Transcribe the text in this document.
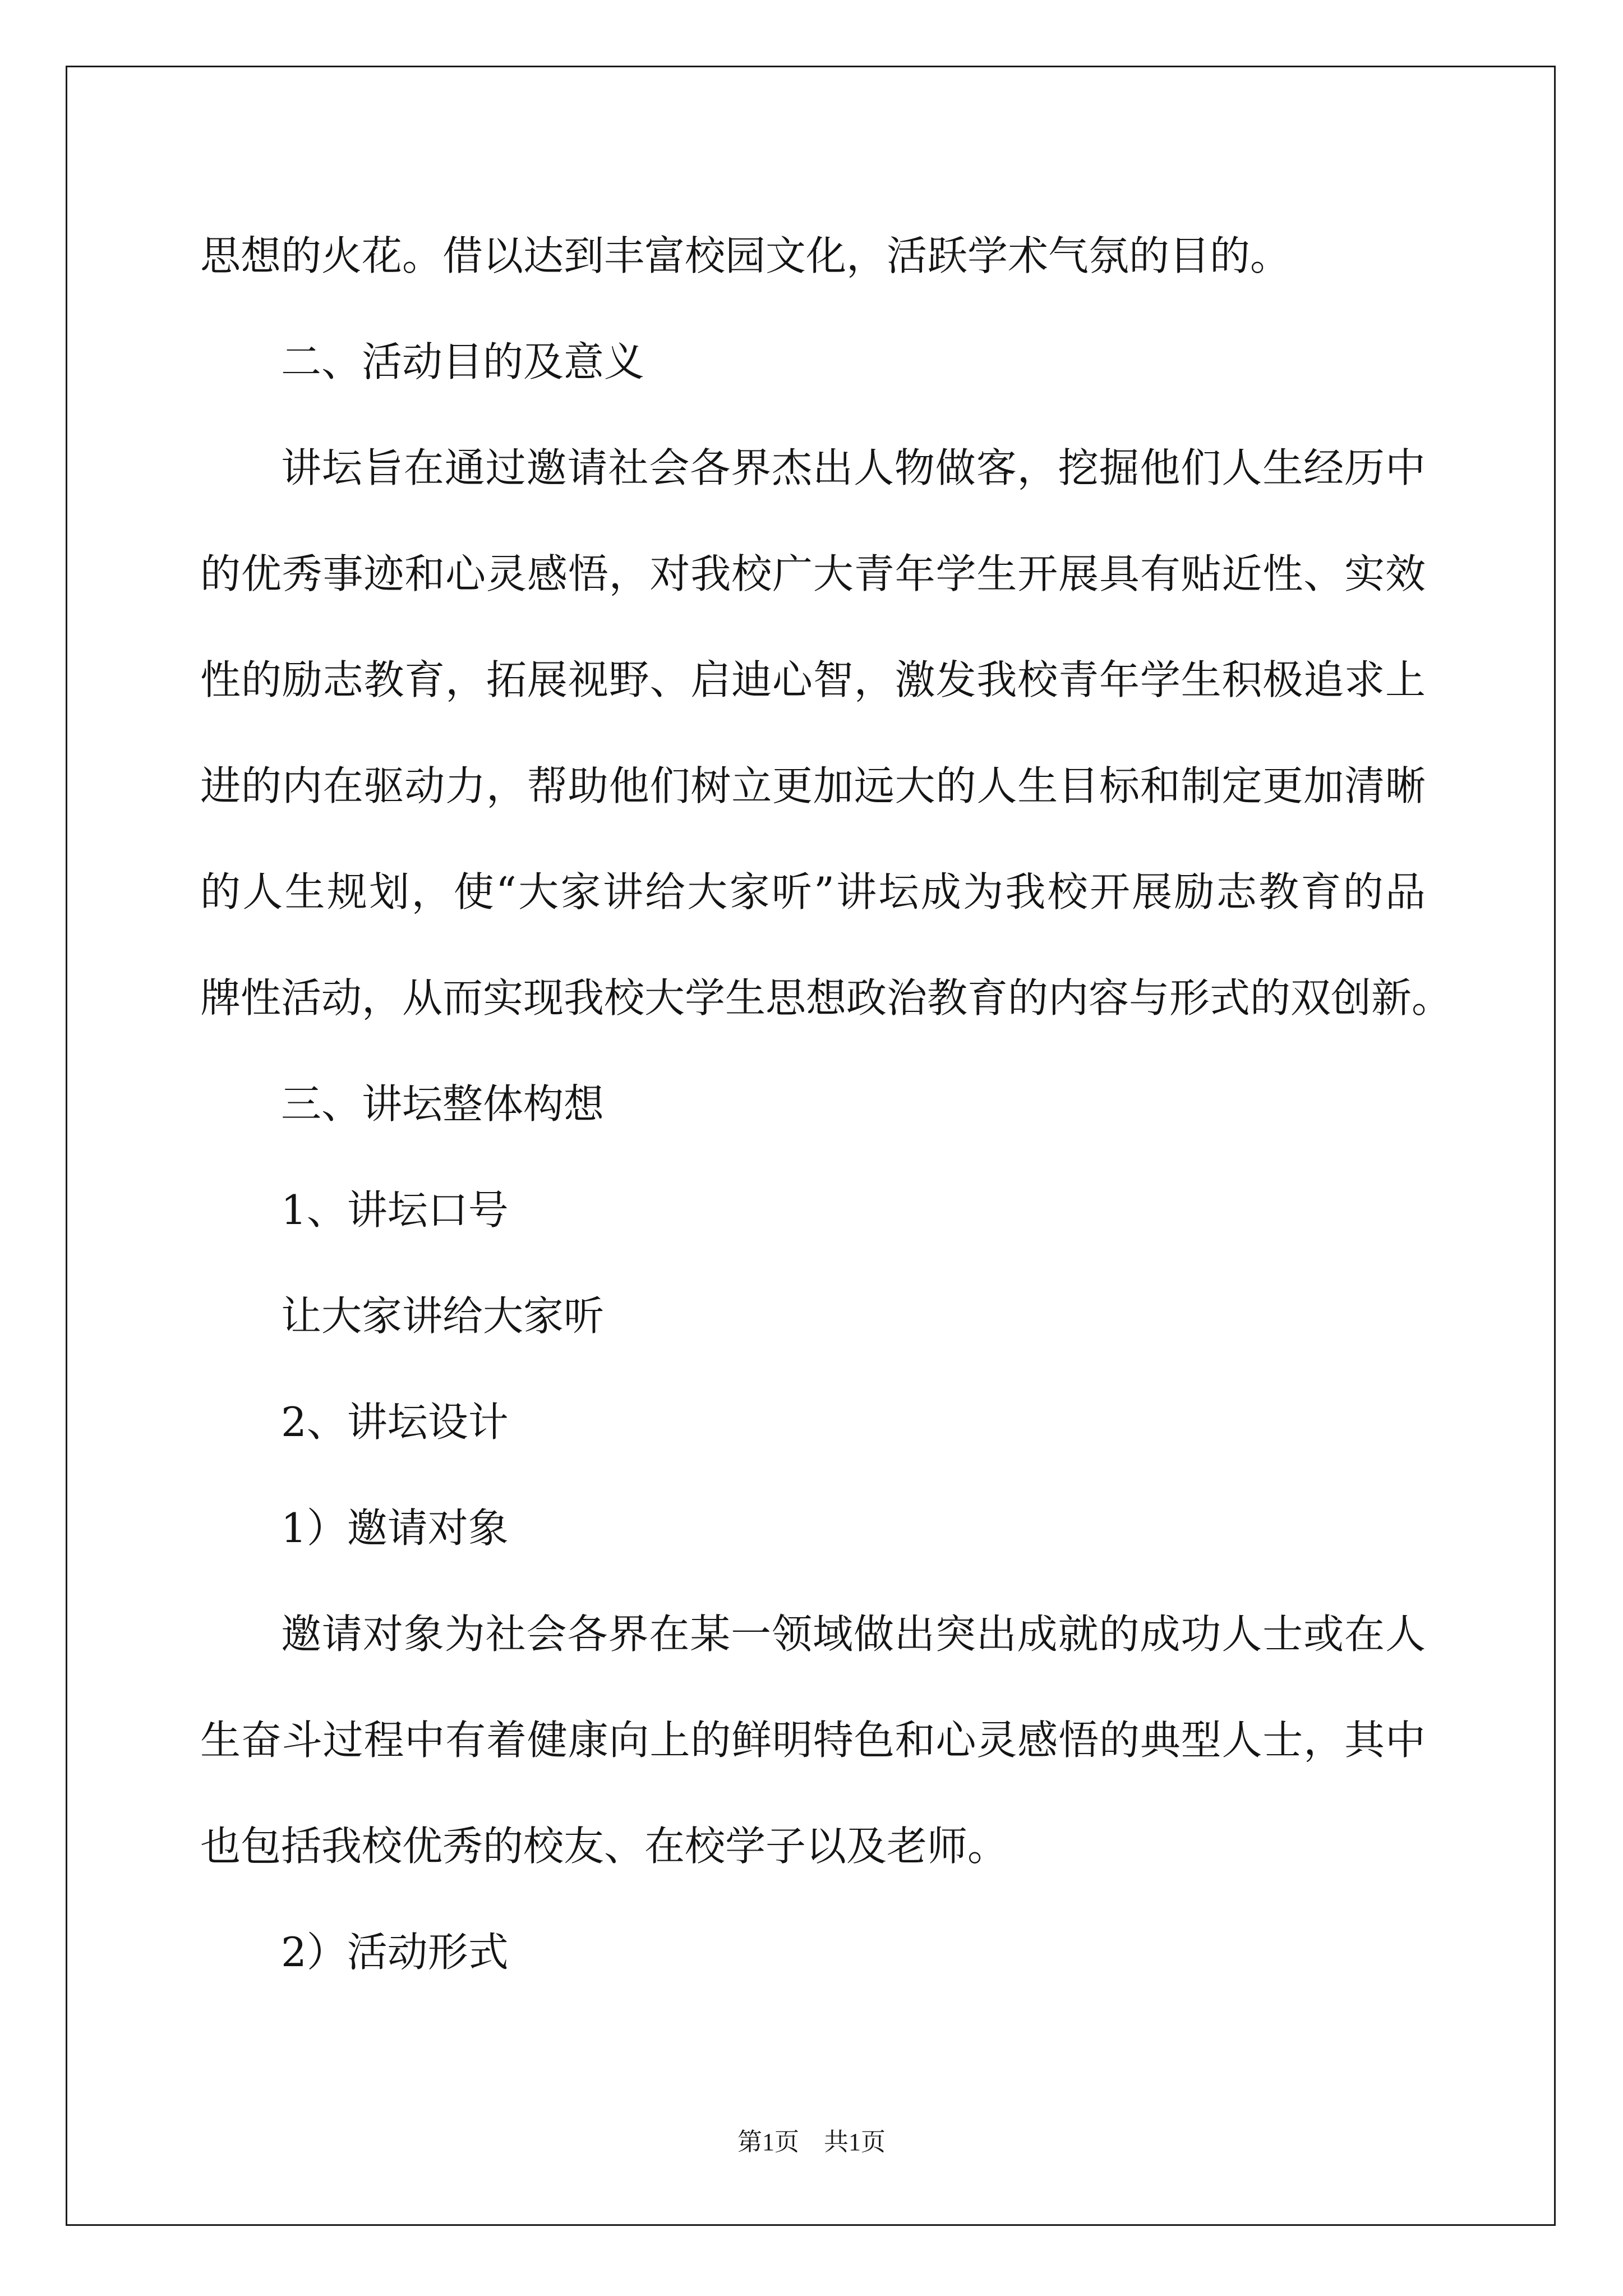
思想的火花。借以达到丰富校园文化，活跃学术气氛的目的。
二、活动目的及意义
讲坛旨在通过邀请社会各界杰出人物做客，挖掘他们人生经历中
的优秀事迹和心灵感悟，对我校广大青年学生开展具有贴近性、实效
性的励志教育，拓展视野、启迪心智，激发我校青年学生积极追求上
进的内在驱动力，帮助他们树立更加远大的人生目标和制定更加清晰
的人生规划，使“大家讲给大家听”讲坛成为我校开展励志教育的品
牌性活动，从而实现我校大学生思想政治教育的内容与形式的双创新。
三、讲坛整体构想
1、讲坛口号
让大家讲给大家听
2、讲坛设计
1）邀请对象
邀请对象为社会各界在某一领域做出突出成就的成功人士或在人
生奋斗过程中有着健康向上的鲜明特色和心灵感悟的典型人士，其中
也包括我校优秀的校友、在校学子以及老师。
2）活动形式
第1页 共1页
